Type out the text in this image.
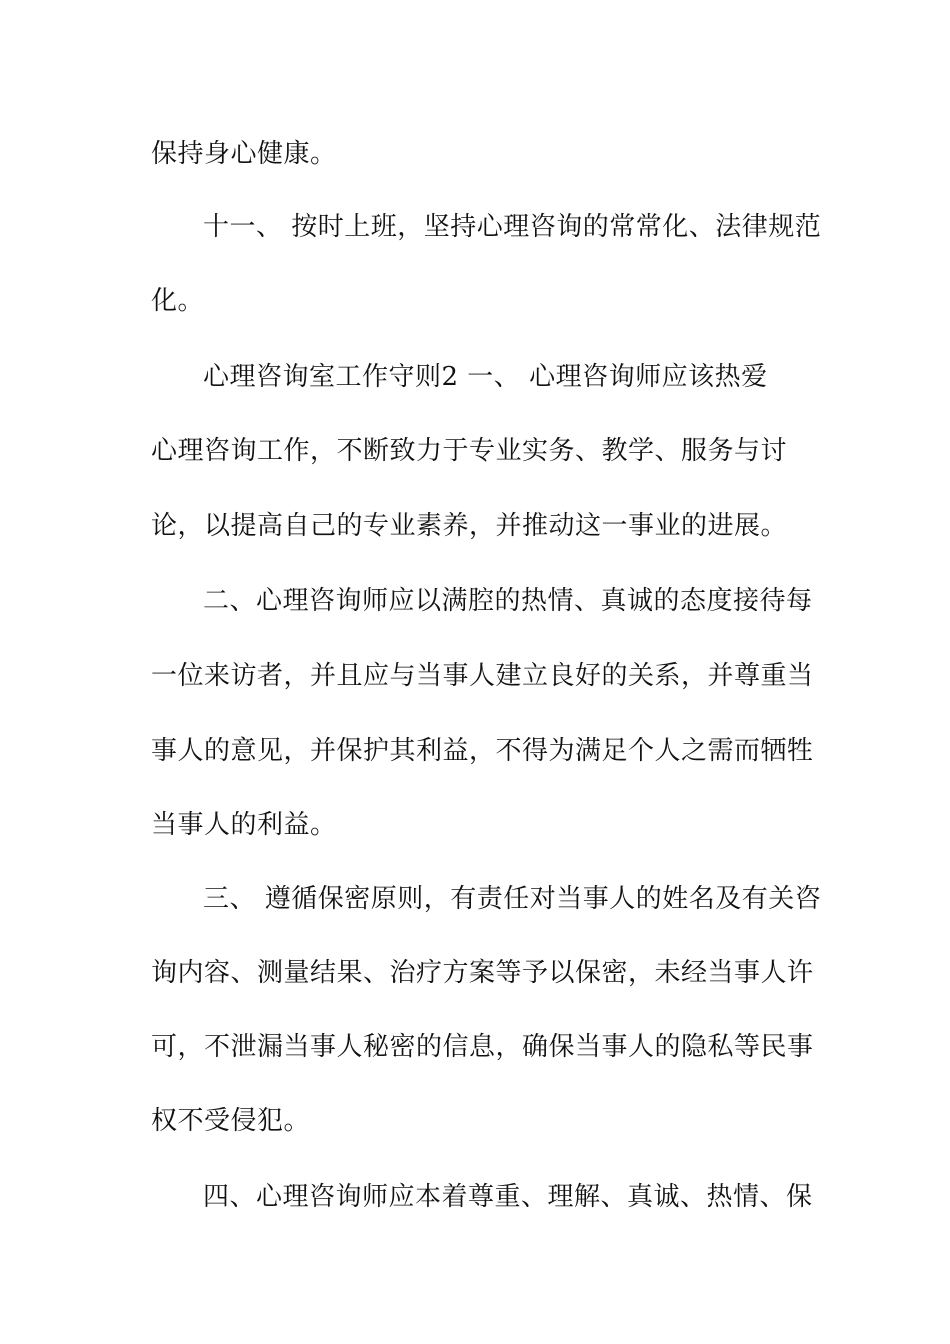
保持身心健康。

十一、 按时上班，坚持心理咨询的常常化、法律规范

化。

心理咨询室工作守则2 一、 心理咨询师应该热爱

心理咨询工作，不断致力于专业实务、教学、服务与讨

论，以提高自己的专业素养，并推动这一事业的进展。

二、心理咨询师应以满腔的热情、真诚的态度接待每

一位来访者，并且应与当事人建立良好的关系，并尊重当

事人的意见，并保护其利益，不得为满足个人之需而牺牲

当事人的利益。

三、 遵循保密原则，有责任对当事人的姓名及有关咨

询内容、测量结果、治疗方案等予以保密，未经当事人许

可，不泄漏当事人秘密的信息，确保当事人的隐私等民事

权不受侵犯。

四、心理咨询师应本着尊重、理解、真诚、热情、保
